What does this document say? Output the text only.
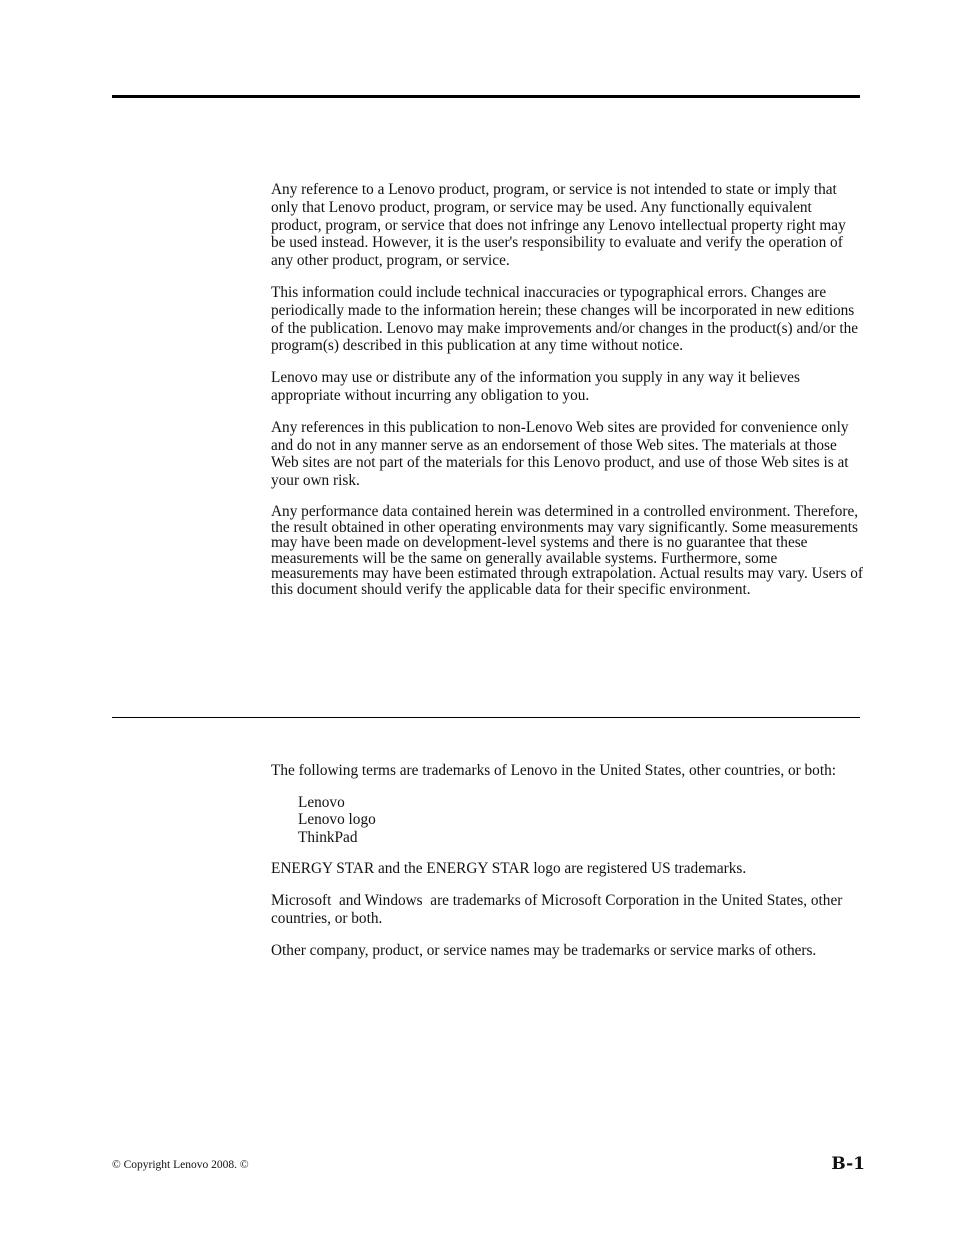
Any reference to a Lenovo product, program, or service is not intended to state or imply that only that Lenovo product, program, or service may be used. Any functionally equivalent product, program, or service that does not infringe any Lenovo intellectual property right may be used instead. However, it is the user's responsibility to evaluate and verify the operation of any other product, program, or service.

This information could include technical inaccuracies or typographical errors. Changes are periodically made to the information herein; these changes will be incorporated in new editions of the publication. Lenovo may make improvements and/or changes in the product(s) and/or the program(s) described in this publication at any time without notice.

Lenovo may use or distribute any of the information you supply in any way it believes appropriate without incurring any obligation to you.

Any references in this publication to non-Lenovo Web sites are provided for convenience only and do not in any manner serve as an endorsement of those Web sites. The materials at those Web sites are not part of the materials for this Lenovo product, and use of those Web sites is at your own risk.

Any performance data contained herein was determined in a controlled environment. Therefore, the result obtained in other operating environments may vary significantly. Some measurements may have been made on development-level systems and there is no guarantee that these measurements will be the same on generally available systems. Furthermore, some measurements may have been estimated through extrapolation. Actual results may vary. Users of this document should verify the applicable data for their specific environment.

The following terms are trademarks of Lenovo in the United States, other countries, or both:

Lenovo
Lenovo logo
ThinkPad

ENERGY STAR and the ENERGY STAR logo are registered US trademarks.

Microsoft  and Windows  are trademarks of Microsoft Corporation in the United States, other countries, or both.

Other company, product, or service names may be trademarks or service marks of others.

© Copyright Lenovo 2008. ©	B-1
